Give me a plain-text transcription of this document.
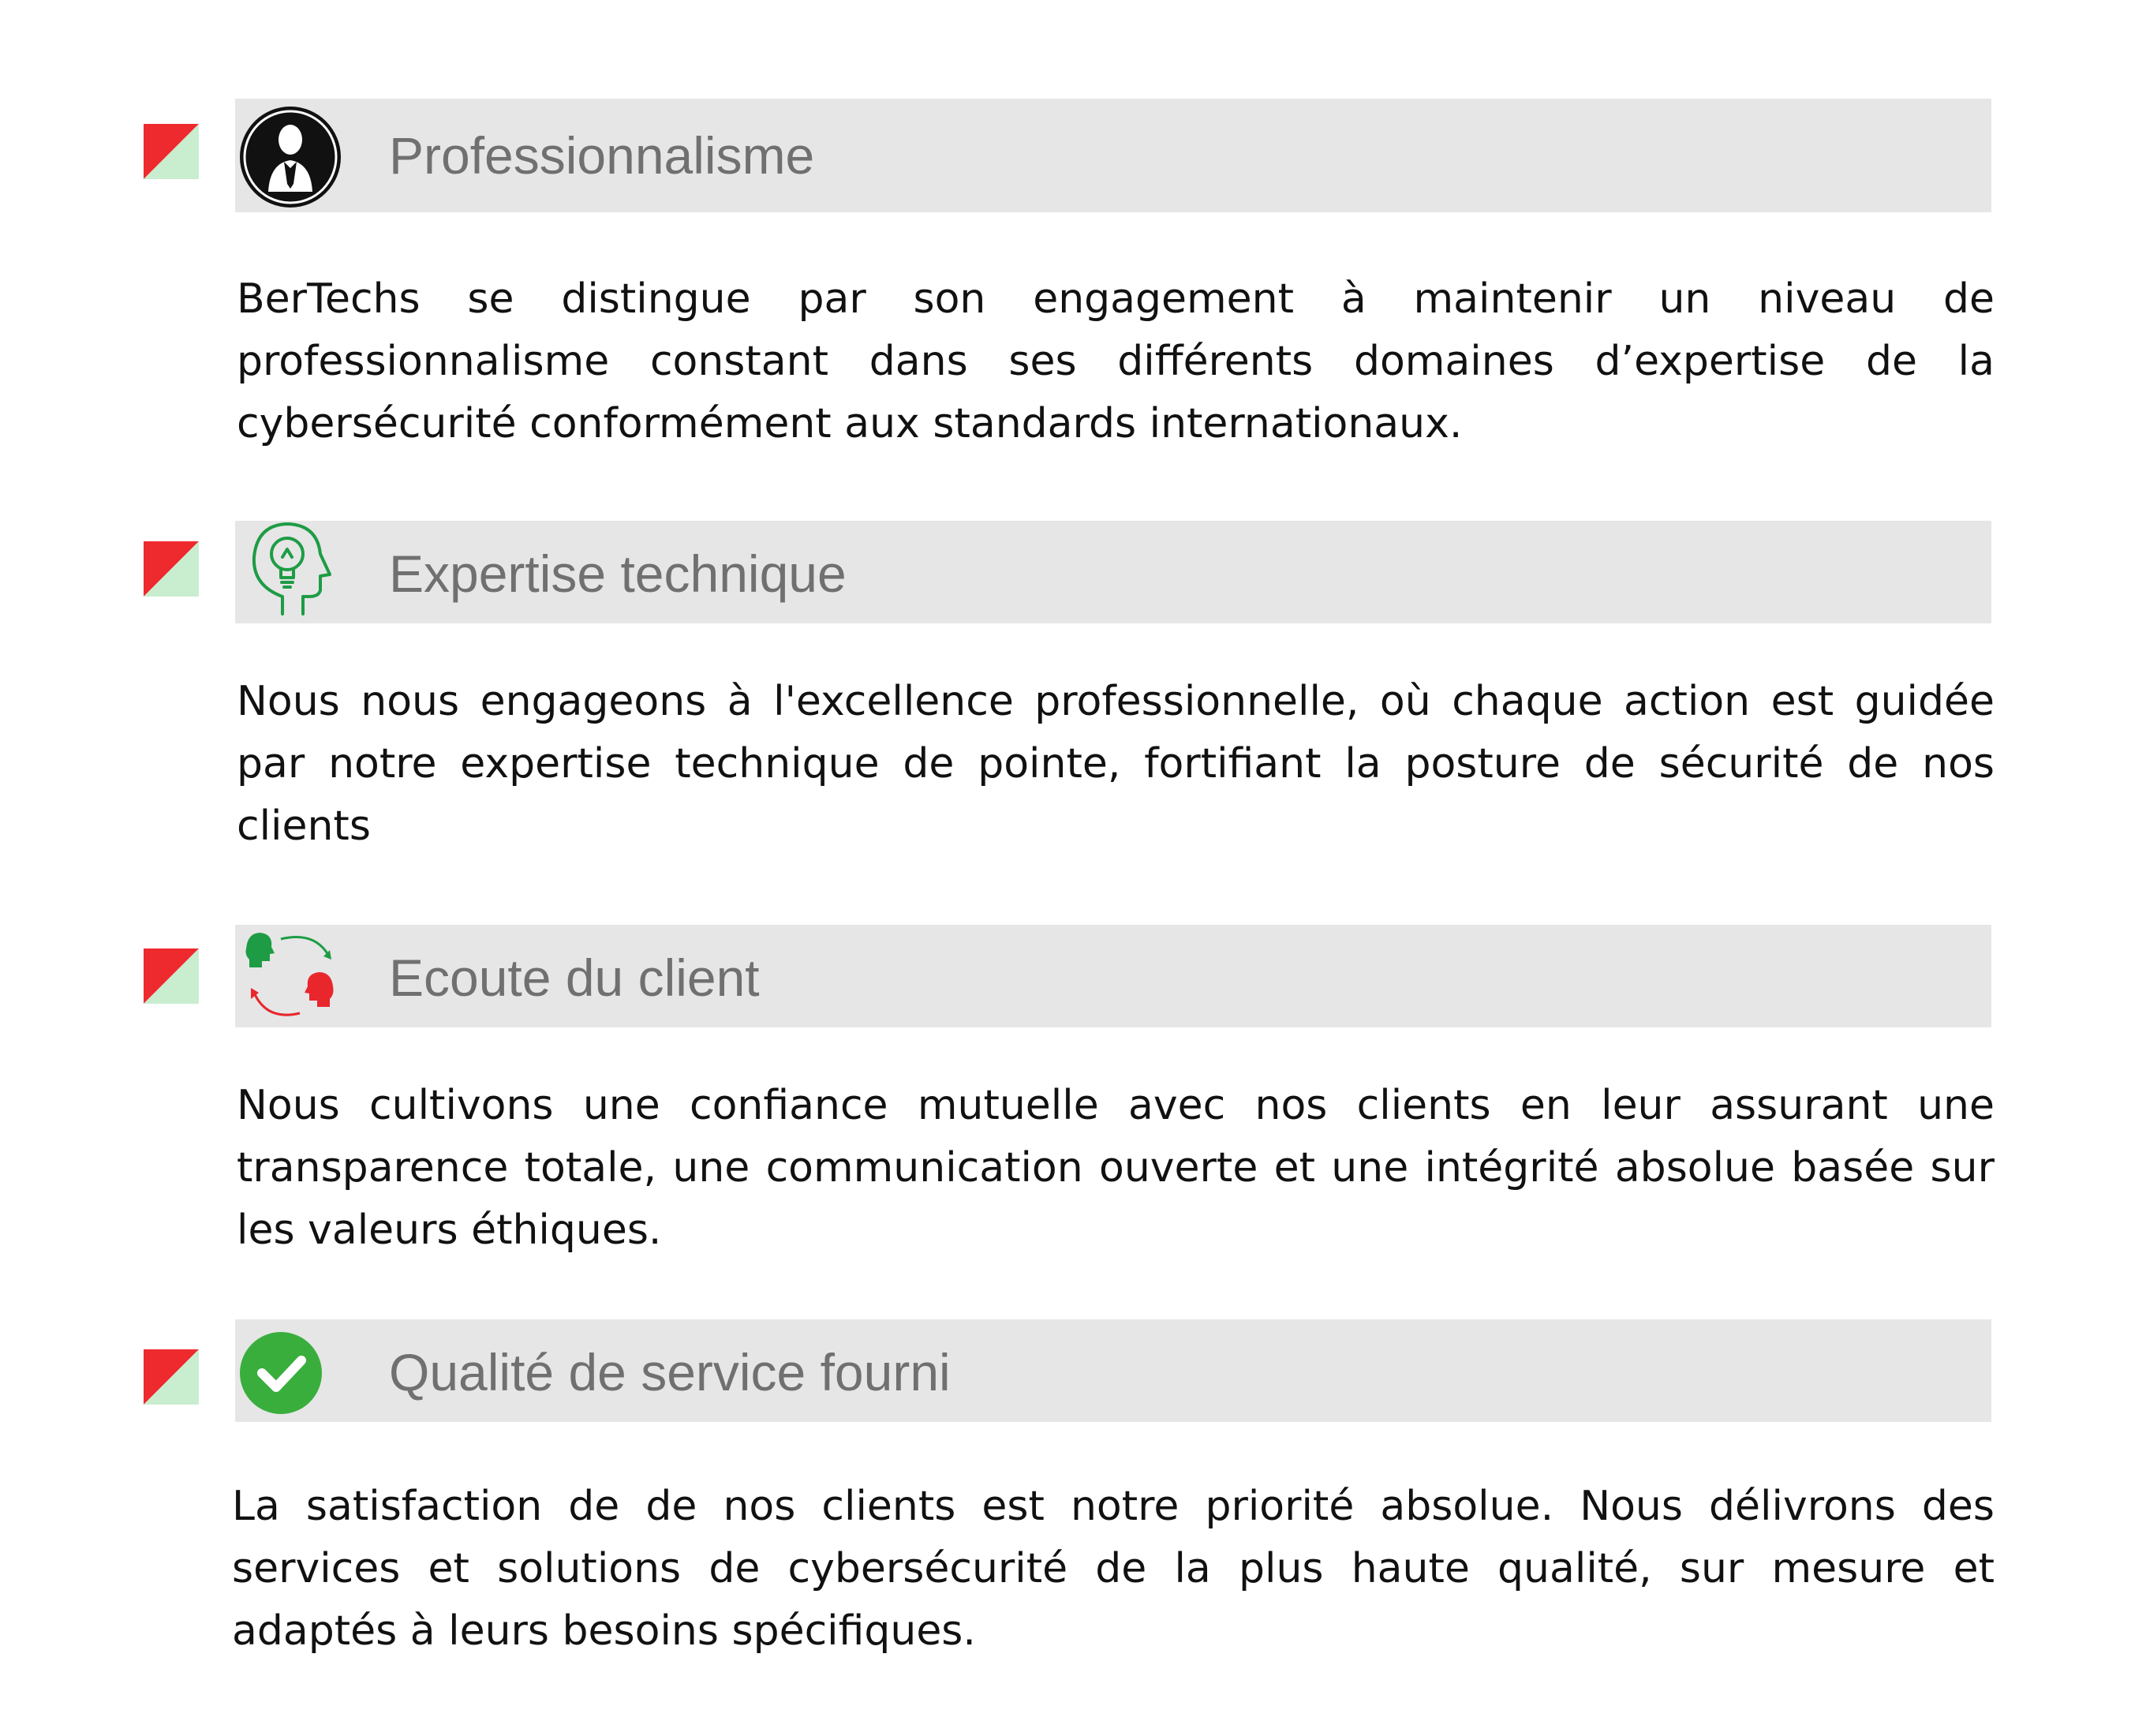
Professionnalisme

BerTechs se distingue par son engagement à maintenir un niveau de professionnalisme constant dans ses différents domaines d’expertise de la cybersécurité conformément aux standards internationaux.

Expertise technique

Nous nous engageons à l'excellence professionnelle, où chaque action est guidée par notre expertise technique de pointe, fortifiant la posture de sécurité de nos clients

Ecoute du client

Nous cultivons une confiance mutuelle avec nos clients en leur assurant une transparence totale, une communication ouverte et une intégrité absolue basée sur les valeurs éthiques.

Qualité de service fourni

La satisfaction de de nos clients est notre priorité absolue. Nous délivrons des services et solutions de cybersécurité de la plus haute qualité, sur mesure et adaptés à leurs besoins spécifiques.
